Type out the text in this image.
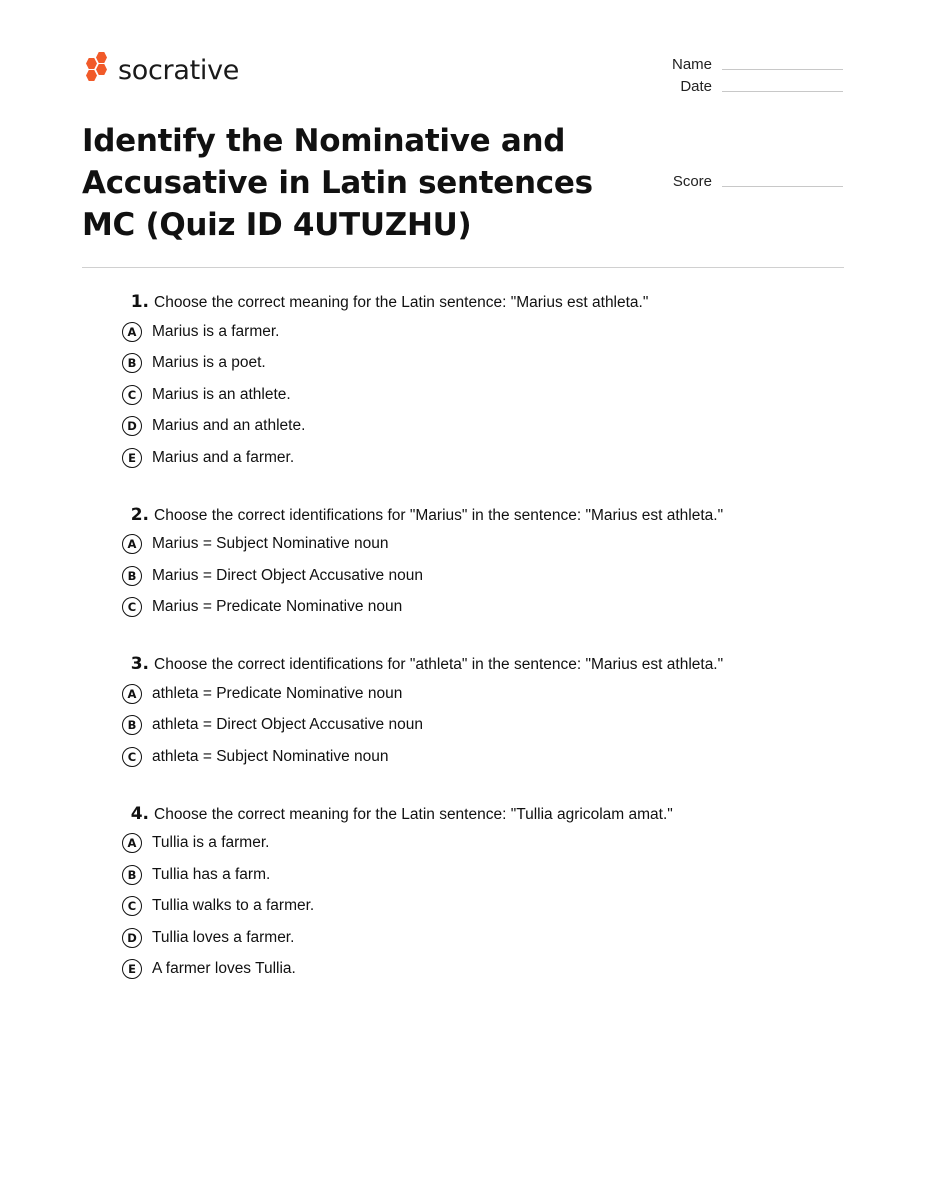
socrative
Identify the Nominative and Accusative in Latin sentences MC (Quiz ID 4UTUZHU)
Name
Date
Score
1. Choose the correct meaning for the Latin sentence: "Marius est athleta."
A	Marius is a farmer.
B	Marius is a poet.
C	Marius is an athlete.
D Marius and an athlete.
E	Marius and a farmer.
2. Choose the correct identifications for "Marius" in the sentence: "Marius est athleta."
A	Marius = Subject Nominative noun
B	Marius = Direct Object Accusative noun
C	Marius = Predicate Nominative noun
3. Choose the correct identifications for "athleta" in the sentence: "Marius est athleta."
A	athleta = Predicate Nominative noun
B	athleta = Direct Object Accusative noun
C	athleta = Subject Nominative noun
4. Choose the correct meaning for the Latin sentence: "Tullia agricolam amat."
A	Tullia is a farmer.
B	Tullia has a farm.
C	Tullia walks to a farmer.
D Tullia loves a farmer.
E	A farmer loves Tullia.
